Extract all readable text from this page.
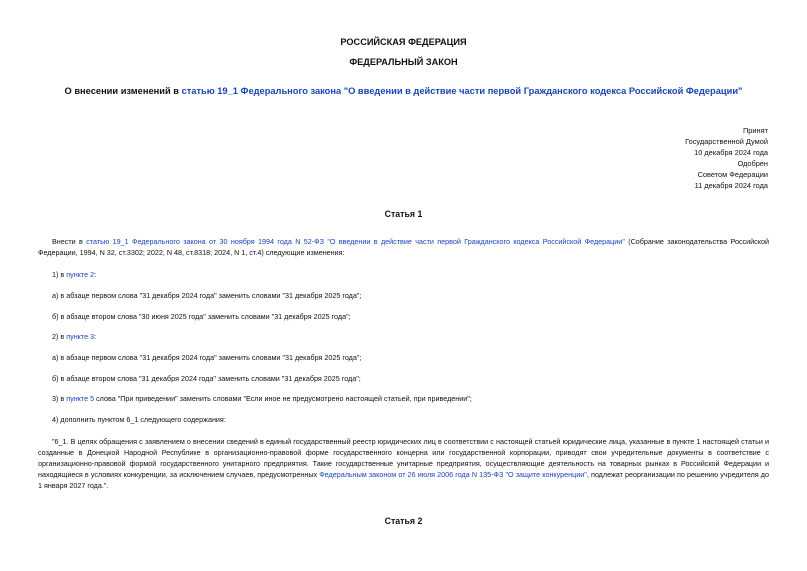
РОССИЙСКАЯ ФЕДЕРАЦИЯ
ФЕДЕРАЛЬНЫЙ ЗАКОН
О внесении изменений в статью 19_1 Федерального закона "О введении в действие части первой Гражданского кодекса Российской Федерации"
Принят
Государственной Думой
10 декабря 2024 года
Одобрен
Советом Федерации
11 декабря 2024 года
Статья 1
Внести в статью 19_1 Федерального закона от 30 ноября 1994 года N 52-ФЗ "О введении в действие части первой Гражданского кодекса Российской Федерации" (Собрание законодательства Российской Федерации, 1994, N 32, ст.3302; 2022, N 48, ст.8318; 2024, N 1, ст.4) следующие изменения:
1) в пункте 2:
а) в абзаце первом слова "31 декабря 2024 года" заменить словами "31 декабря 2025 года";
б) в абзаце втором слова "30 июня 2025 года" заменить словами "31 декабря 2025 года";
2) в пункте 3:
а) в абзаце первом слова "31 декабря 2024 года" заменить словами "31 декабря 2025 года";
б) в абзаце втором слова "31 декабря 2024 года" заменить словами "31 декабря 2025 года";
3) в пункте 5 слова "При приведении" заменить словами "Если иное не предусмотрено настоящей статьей, при приведении";
4) дополнить пунктом 6_1 следующего содержания:
"6_1. В целях обращения с заявлением о внесении сведений в единый государственный реестр юридических лиц в соответствии с настоящей статьей юридические лица, указанные в пункте 1 настоящей статьи и созданные в Донецкой Народной Республике в организационно-правовой форме государственного концерна или государственной корпорации, приводят свои учредительные документы в соответствие с организационно-правовой формой государственного унитарного предприятия. Такие государственные унитарные предприятия, осуществляющие деятельность на товарных рынках в Российской Федерации и находящиеся в условиях конкуренции, за исключением случаев, предусмотренных Федеральным законом от 26 июля 2006 года N 135-ФЗ "О защите конкуренции", подлежат реорганизации по решению учредителя до 1 января 2027 года.".
Статья 2
